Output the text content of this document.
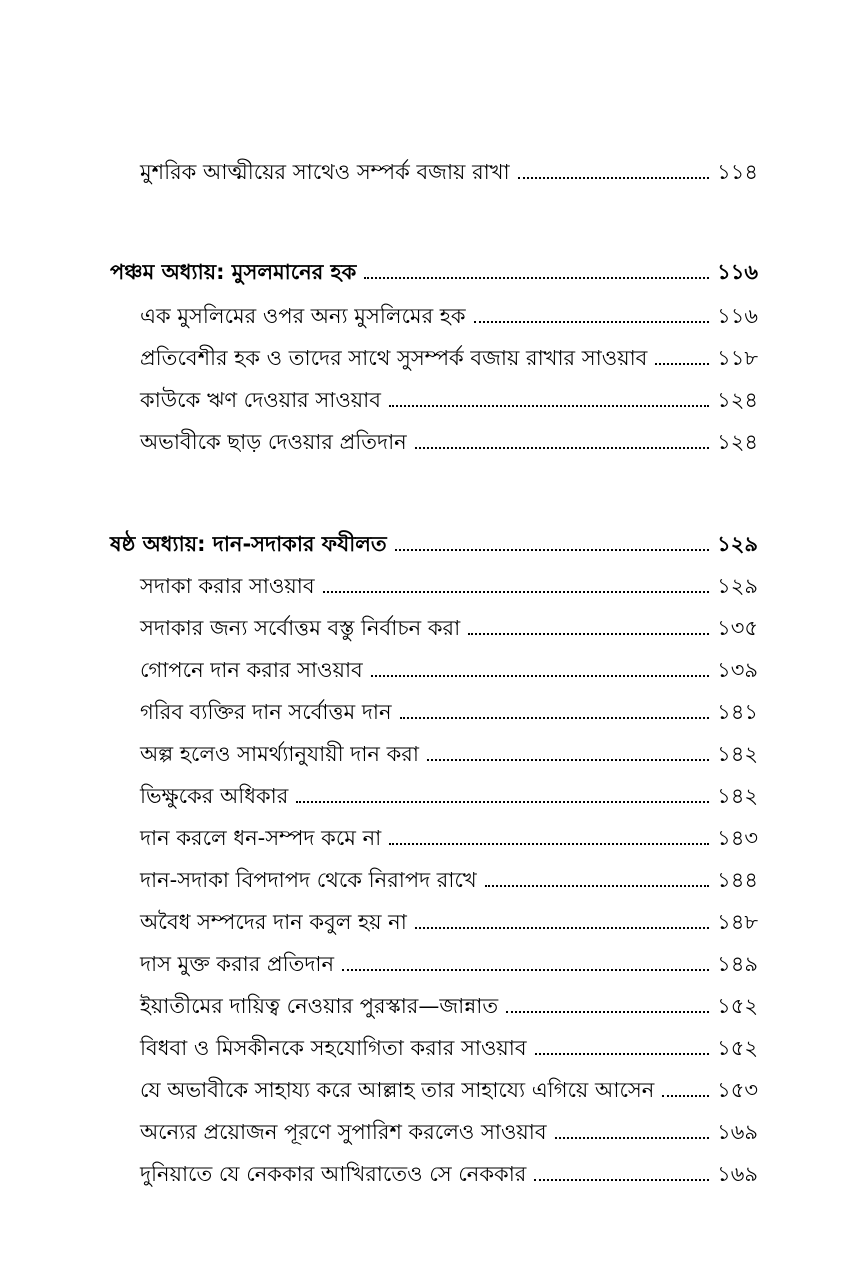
মুশরিক আত্মীয়ের সাথেও সম্পর্ক বজায় রাখা	১১৪
পঞ্চম অধ্যায়: মুসলমানের হক	১১৬
এক মুসলিমের ওপর অন্য মুসলিমের হক	১১৬
প্রতিবেশীর হক ও তাদের সাথে সুসম্পর্ক বজায় রাখার সাওয়াব	১১৮
কাউকে ঋণ দেওয়ার সাওয়াব	১২৪
অভাবীকে ছাড় দেওয়ার প্রতিদান	১২৪
ষষ্ঠ অধ্যায়: দান-সদাকার ফযীলত	১২৯
সদাকা করার সাওয়াব	১২৯
সদাকার জন্য সর্বোত্তম বস্তু নির্বাচন করা	১৩৫
গোপনে দান করার সাওয়াব	১৩৯
গরিব ব্যক্তির দান সর্বোত্তম দান	১৪১
অল্প হলেও সামর্থ্যানুযায়ী দান করা	১৪২
ভিক্ষুকের অধিকার	১৪২
দান করলে ধন-সম্পদ কমে না	১৪৩
দান-সদাকা বিপদাপদ থেকে নিরাপদ রাখে	১৪৪
অবৈধ সম্পদের দান কবুল হয় না	১৪৮
দাস মুক্ত করার প্রতিদান	১৪৯
ইয়াতীমের দায়িত্ব নেওয়ার পুরস্কার—জান্নাত	১৫২
বিধবা ও মিসকীনকে সহযোগিতা করার সাওয়াব	১৫২
যে অভাবীকে সাহায্য করে আল্লাহ তার সাহায্যে এগিয়ে আসেন	১৫৩
অন্যের প্রয়োজন পূরণে সুপারিশ করলেও সাওয়াব	১৬৯
দুনিয়াতে যে নেককার আখিরাতেও সে নেককার	১৬৯
